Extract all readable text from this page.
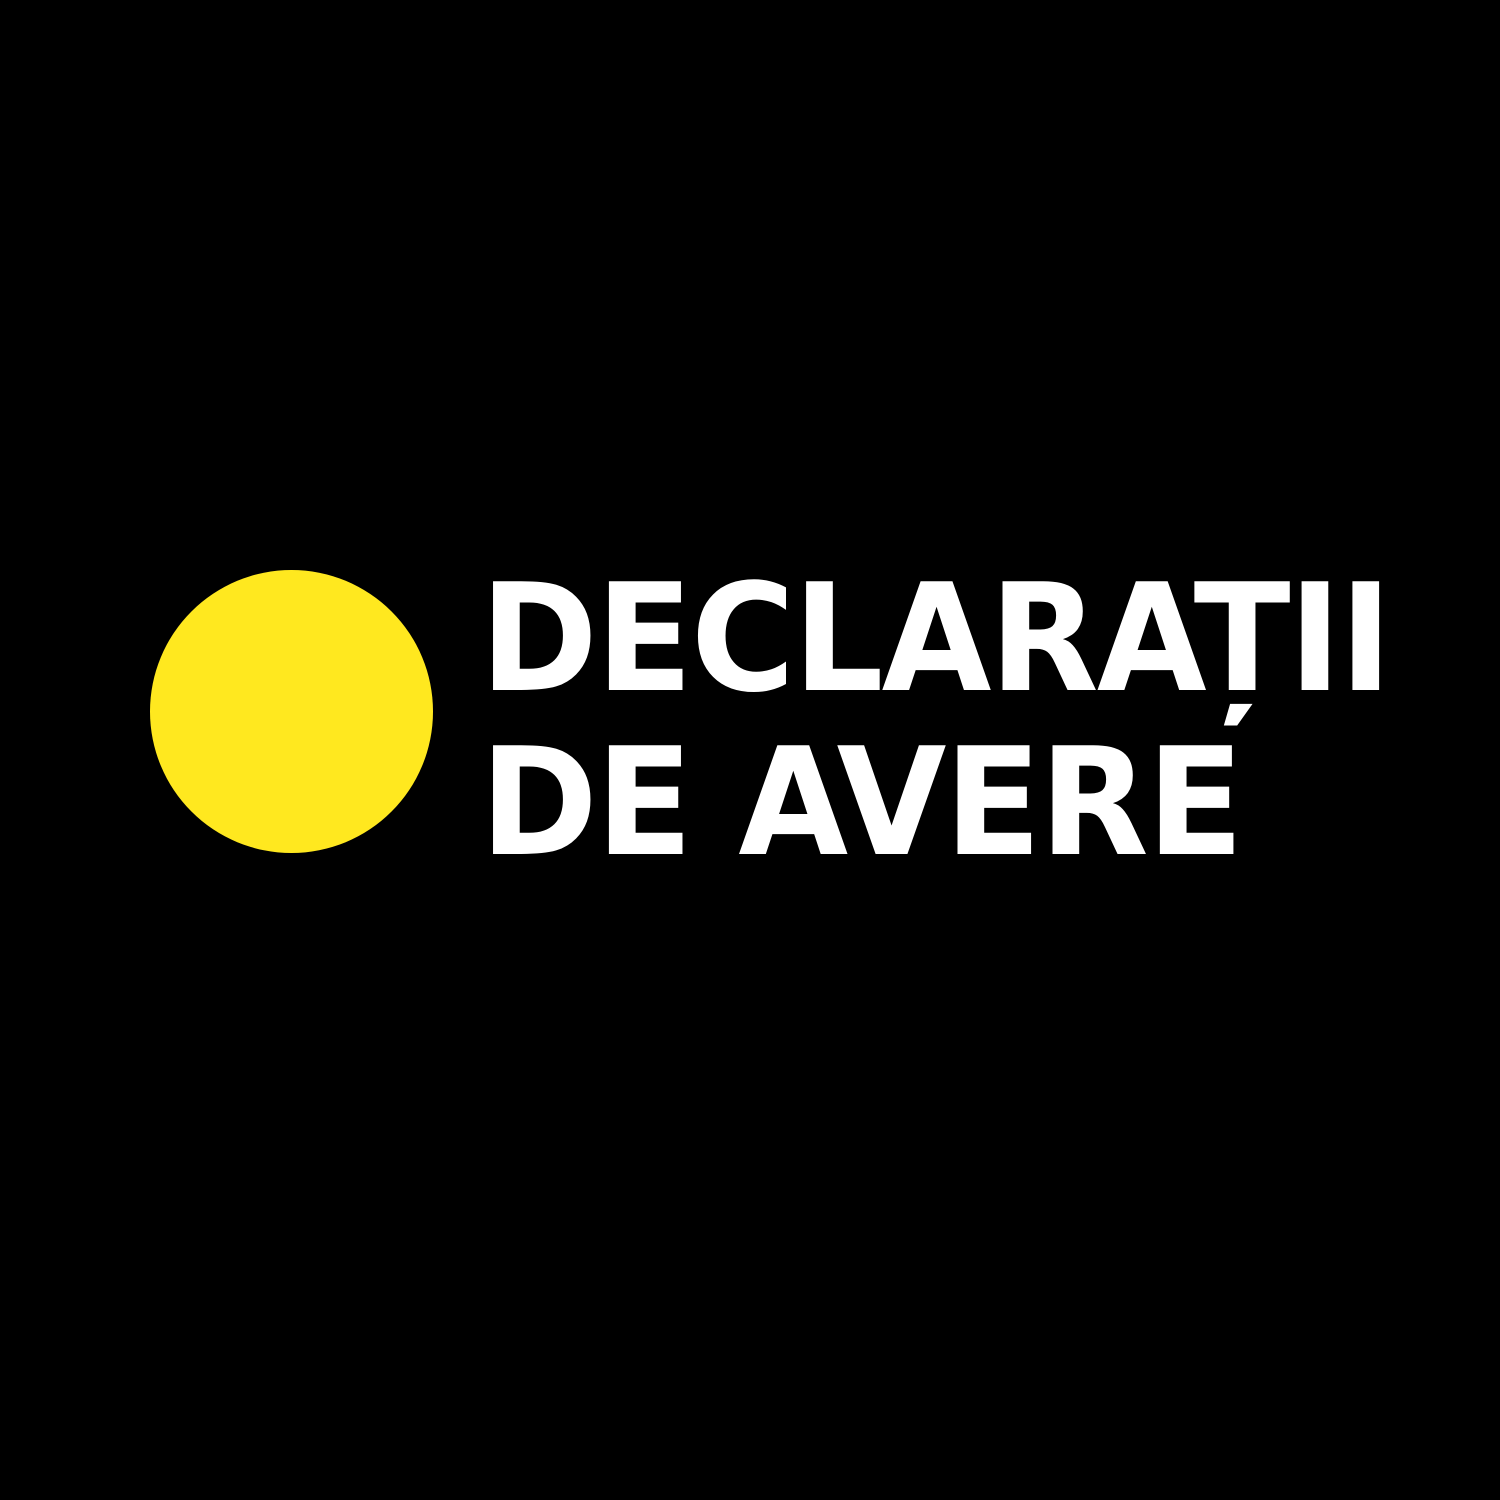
DECLARAȚII
DE AVERE
